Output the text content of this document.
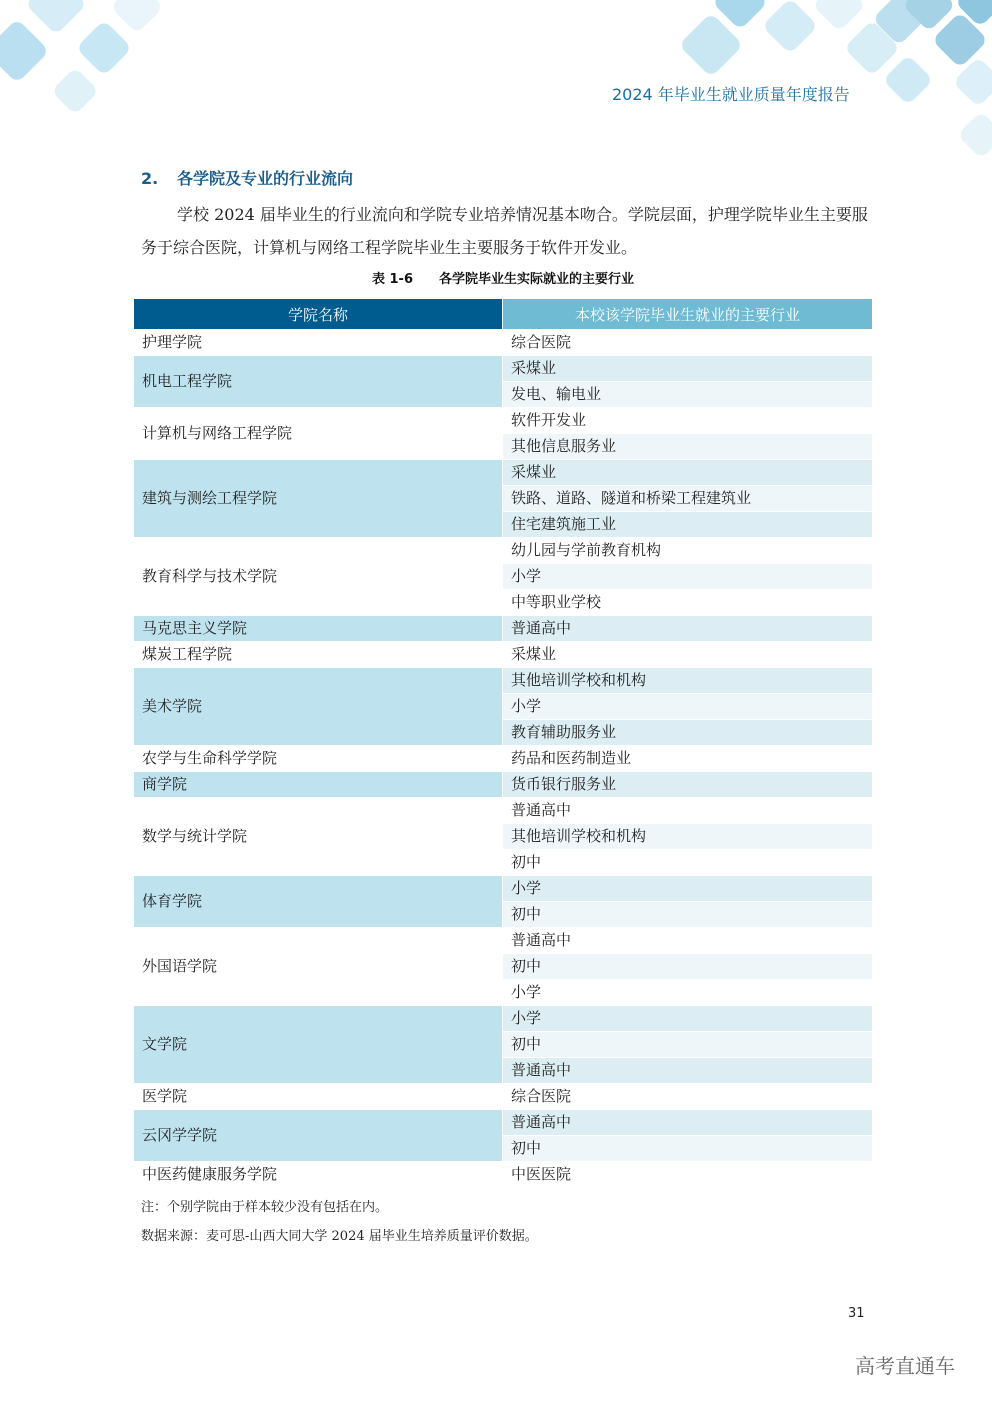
2024 年毕业生就业质量年度报告
2. 各学院及专业的行业流向

学校 2024 届毕业生的行业流向和学院专业培养情况基本吻合。学院层面，护理学院毕业生主要服务于综合医院，计算机与网络工程学院毕业生主要服务于软件开发业。

表 1-6 各学院毕业生实际就业的主要行业
学院名称	本校该学院毕业生就业的主要行业
护理学院	综合医院
机电工程学院	采煤业
	发电、输电业
计算机与网络工程学院	软件开发业
	其他信息服务业
建筑与测绘工程学院	采煤业
	铁路、道路、隧道和桥梁工程建筑业
	住宅建筑施工业
教育科学与技术学院	幼儿园与学前教育机构
	小学
	中等职业学校
马克思主义学院	普通高中
煤炭工程学院	采煤业
美术学院	其他培训学校和机构
	小学
	教育辅助服务业
农学与生命科学学院	药品和医药制造业
商学院	货币银行服务业
数学与统计学院	普通高中
	其他培训学校和机构
	初中
体育学院	小学
	初中
外国语学院	普通高中
	初中
	小学
文学院	小学
	初中
	普通高中
医学院	综合医院
云冈学学院	普通高中
	初中
中医药健康服务学院	中医医院
注：个别学院由于样本较少没有包括在内。
数据来源：麦可思-山西大同大学 2024 届毕业生培养质量评价数据。
31
高考直通车
